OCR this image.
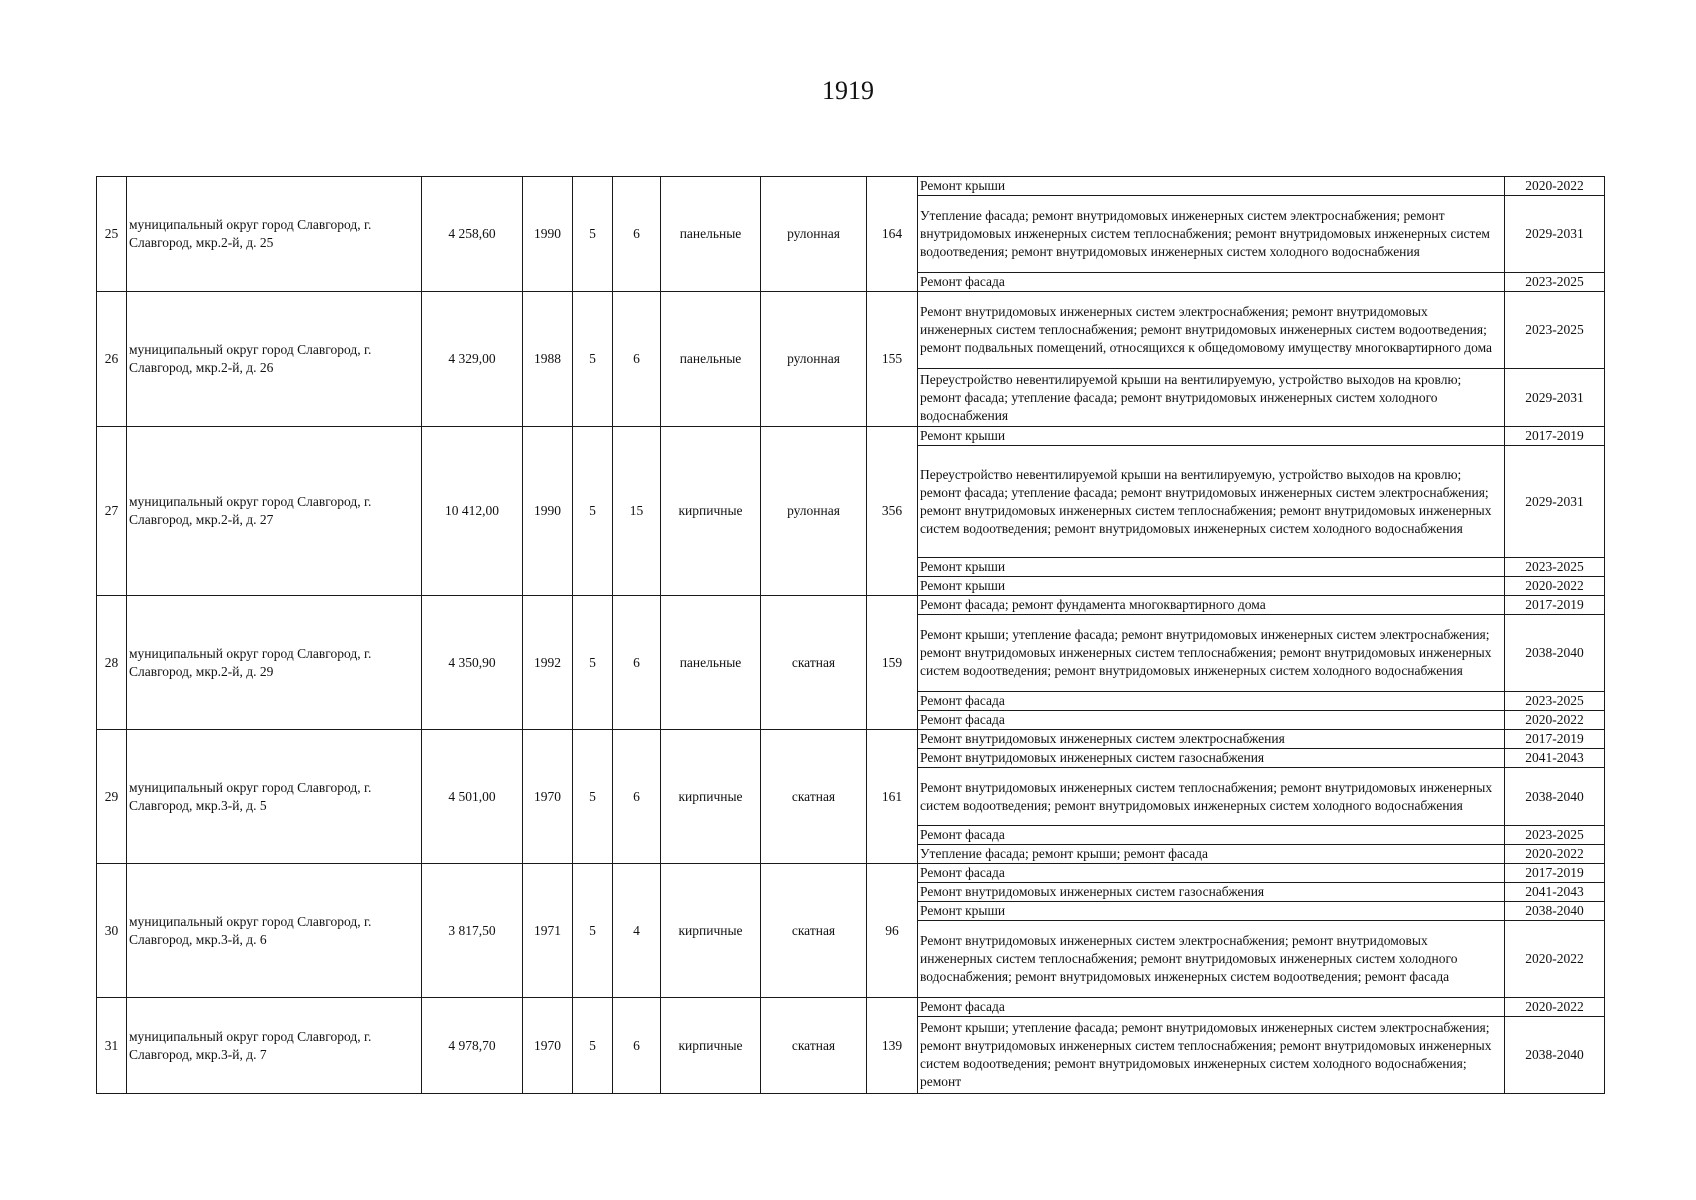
1919
25	муниципальный округ город Славгород, г. Славгород, мкр.2-й, д. 25	4 258,60	1990	5	6	панельные	рулонная	164	Ремонт крыши	2020-2022
									Утепление фасада; ремонт внутридомовых инженерных систем электроснабжения; ремонт внутридомовых инженерных систем теплоснабжения; ремонт внутридомовых инженерных систем водоотведения; ремонт внутридомовых инженерных систем холодного водоснабжения	2029-2031
									Ремонт фасада	2023-2025
26	муниципальный округ город Славгород, г. Славгород, мкр.2-й, д. 26	4 329,00	1988	5	6	панельные	рулонная	155	Ремонт внутридомовых инженерных систем электроснабжения; ремонт внутридомовых инженерных систем теплоснабжения; ремонт внутридомовых инженерных систем водоотведения; ремонт подвальных помещений, относящихся к общедомовому имуществу многоквартирного дома	2023-2025
									Переустройство невентилируемой крыши на вентилируемую, устройство выходов на кровлю; ремонт фасада; утепление фасада; ремонт внутридомовых инженерных систем холодного водоснабжения	2029-2031
27	муниципальный округ город Славгород, г. Славгород, мкр.2-й, д. 27	10 412,00	1990	5	15	кирпичные	рулонная	356	Ремонт крыши	2017-2019
									Переустройство невентилируемой крыши на вентилируемую, устройство выходов на кровлю; ремонт фасада; утепление фасада; ремонт внутридомовых инженерных систем электроснабжения; ремонт внутридомовых инженерных систем теплоснабжения; ремонт внутридомовых инженерных систем водоотведения; ремонт внутридомовых инженерных систем холодного водоснабжения	2029-2031
									Ремонт крыши	2023-2025
									Ремонт крыши	2020-2022
28	муниципальный округ город Славгород, г. Славгород, мкр.2-й, д. 29	4 350,90	1992	5	6	панельные	скатная	159	Ремонт фасада; ремонт фундамента многоквартирного дома	2017-2019
									Ремонт крыши; утепление фасада; ремонт внутридомовых инженерных систем электроснабжения; ремонт внутридомовых инженерных систем теплоснабжения; ремонт внутридомовых инженерных систем водоотведения; ремонт внутридомовых инженерных систем холодного водоснабжения	2038-2040
									Ремонт фасада	2023-2025
									Ремонт фасада	2020-2022
29	муниципальный округ город Славгород, г. Славгород, мкр.3-й, д. 5	4 501,00	1970	5	6	кирпичные	скатная	161	Ремонт внутридомовых инженерных систем электроснабжения	2017-2019
									Ремонт внутридомовых инженерных систем газоснабжения	2041-2043
									Ремонт внутридомовых инженерных систем теплоснабжения; ремонт внутридомовых инженерных систем водоотведения; ремонт внутридомовых инженерных систем холодного водоснабжения	2038-2040
									Ремонт фасада	2023-2025
									Утепление фасада; ремонт крыши; ремонт фасада	2020-2022
30	муниципальный округ город Славгород, г. Славгород, мкр.3-й, д. 6	3 817,50	1971	5	4	кирпичные	скатная	96	Ремонт фасада	2017-2019
									Ремонт внутридомовых инженерных систем газоснабжения	2041-2043
									Ремонт крыши	2038-2040
									Ремонт внутридомовых инженерных систем электроснабжения; ремонт внутридомовых инженерных систем теплоснабжения; ремонт внутридомовых инженерных систем холодного водоснабжения; ремонт внутридомовых инженерных систем водоотведения; ремонт фасада	2020-2022
31	муниципальный округ город Славгород, г. Славгород, мкр.3-й, д. 7	4 978,70	1970	5	6	кирпичные	скатная	139	Ремонт фасада	2020-2022
									Ремонт крыши; утепление фасада; ремонт внутридомовых инженерных систем электроснабжения; ремонт внутридомовых инженерных систем теплоснабжения; ремонт внутридомовых инженерных систем водоотведения; ремонт внутридомовых инженерных систем холодного водоснабжения; ремонт	2038-2040
